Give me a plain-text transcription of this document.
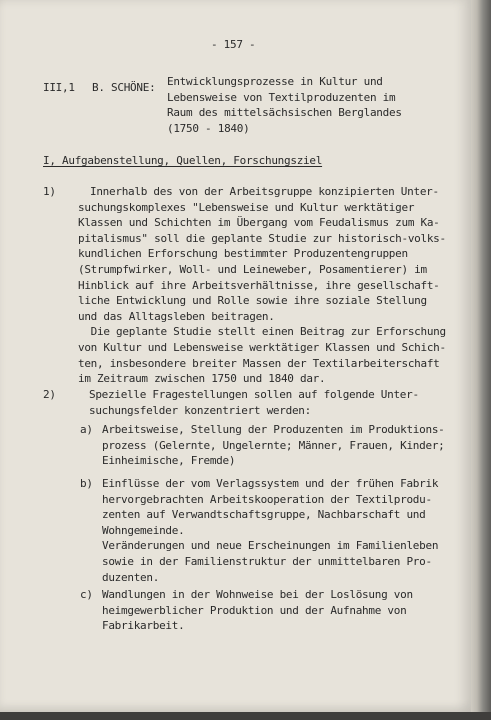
- 157 -

III,1 B. SCHÖNE: Entwicklungsprozesse in Kultur und
Lebensweise von Textilproduzenten im
Raum des mittelsächsischen Berglandes
(1750 - 1840)

I, Aufgabenstellung, Quellen, Forschungsziel

1)	Innerhalb des von der Arbeitsgruppe konzipierten Unter-
suchungskomplexes "Lebensweise und Kultur werktätiger
Klassen und Schichten im Übergang vom Feudalismus zum Ka-
pitalismus" soll die geplante Studie zur historisch-volks-
kundlichen Erforschung bestimmter Produzentengruppen
(Strumpfwirker, Woll- und Leineweber, Posamentierer) im
Hinblick auf ihre Arbeitsverhältnisse, ihre gesellschaft-
liche Entwicklung und Rolle sowie ihre soziale Stellung
und das Alltagsleben beitragen.
Die geplante Studie stellt einen Beitrag zur Erforschung
von Kultur und Lebensweise werktätiger Klassen und Schich-
ten, insbesondere breiter Massen der Textilarbeiterschaft
im Zeitraum zwischen 1750 und 1840 dar.

2)	Spezielle Fragestellungen sollen auf folgende Unter-
suchungsfelder konzentriert werden:

a) Arbeitsweise, Stellung der Produzenten im Produktions-
prozess (Gelernte, Ungelernte; Männer, Frauen, Kinder;
Einheimische, Fremde)

b) Einflüsse der vom Verlagssystem und der frühen Fabrik
hervorgebrachten Arbeitskooperation der Textilprodu-
zenten auf Verwandtschaftsgruppe, Nachbarschaft und
Wohngemeinde.
Veränderungen und neue Erscheinungen im Familienleben
sowie in der Familienstruktur der unmittelbaren Pro-
duzenten.

c) Wandlungen in der Wohnweise bei der Loslösung von
heimgewerblicher Produktion und der Aufnahme von
Fabrikarbeit.
